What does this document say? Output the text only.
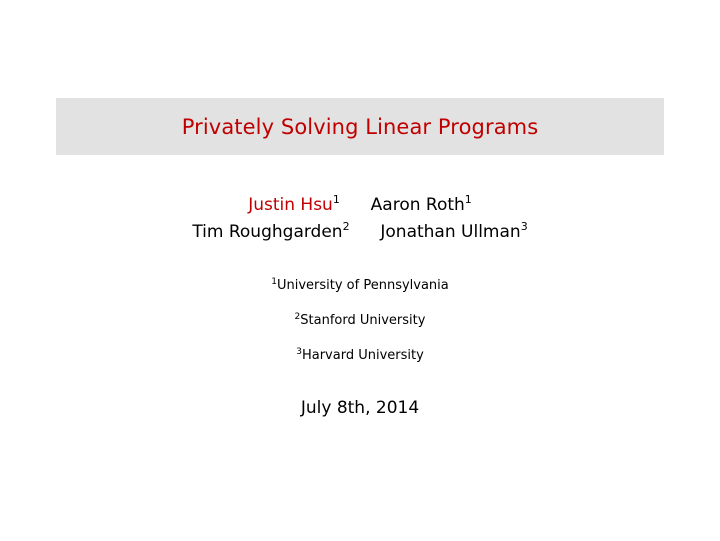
Privately Solving Linear Programs
Justin Hsu$^1$ Aaron Roth$^1$
Tim Roughgarden$^2$ Jonathan Ullman$^3$
$^1$University of Pennsylvania
$^2$Stanford University
$^3$Harvard University
July 8th, 2014
